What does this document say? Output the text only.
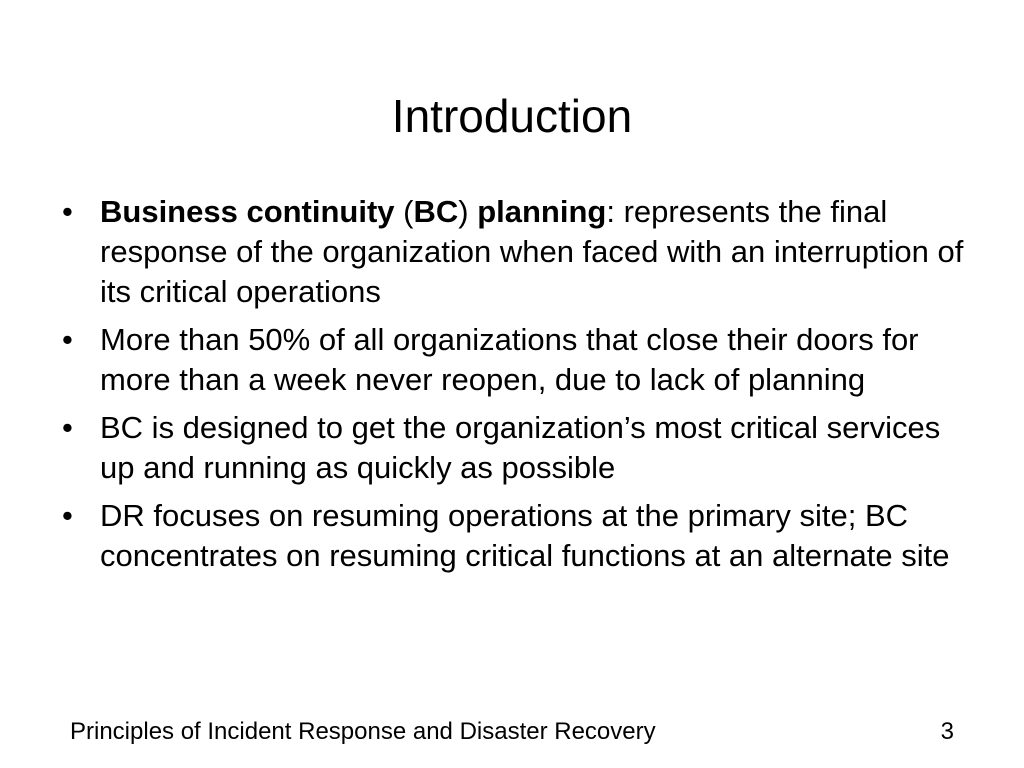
Introduction
• Business continuity (BC) planning: represents the final response of the organization when faced with an interruption of its critical operations
• More than 50% of all organizations that close their doors for more than a week never reopen, due to lack of planning
• BC is designed to get the organization’s most critical services up and running as quickly as possible
• DR focuses on resuming operations at the primary site; BC concentrates on resuming critical functions at an alternate site
Principles of Incident Response and Disaster Recovery	3
